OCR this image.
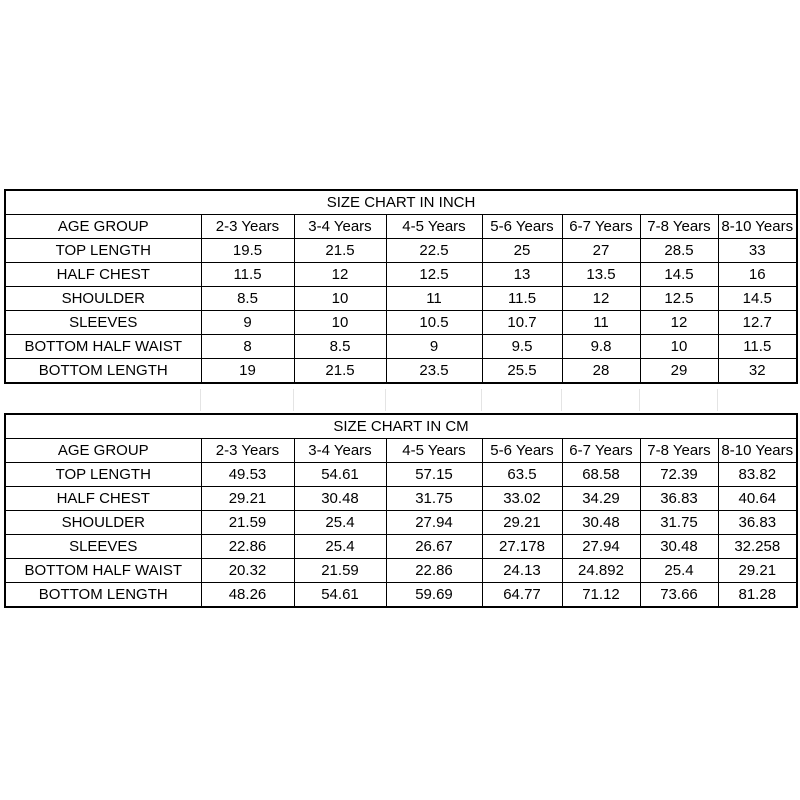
SIZE CHART IN INCH							
AGE GROUP	2-3 Years	3-4 Years	4-5 Years	5-6 Years	6-7 Years	7-8 Years	8-10 Years
TOP LENGTH	19.5	21.5	22.5	25	27	28.5	33
HALF CHEST	11.5	12	12.5	13	13.5	14.5	16
SHOULDER	8.5	10	11	11.5	12	12.5	14.5
SLEEVES	9	10	10.5	10.7	11	12	12.7
BOTTOM HALF WAIST	8	8.5	9	9.5	9.8	10	11.5
BOTTOM LENGTH	19	21.5	23.5	25.5	28	29	32
SIZE CHART IN CM							
AGE GROUP	2-3 Years	3-4 Years	4-5 Years	5-6 Years	6-7 Years	7-8 Years	8-10 Years
TOP LENGTH	49.53	54.61	57.15	63.5	68.58	72.39	83.82
HALF CHEST	29.21	30.48	31.75	33.02	34.29	36.83	40.64
SHOULDER	21.59	25.4	27.94	29.21	30.48	31.75	36.83
SLEEVES	22.86	25.4	26.67	27.178	27.94	30.48	32.258
BOTTOM HALF WAIST	20.32	21.59	22.86	24.13	24.892	25.4	29.21
BOTTOM LENGTH	48.26	54.61	59.69	64.77	71.12	73.66	81.28
